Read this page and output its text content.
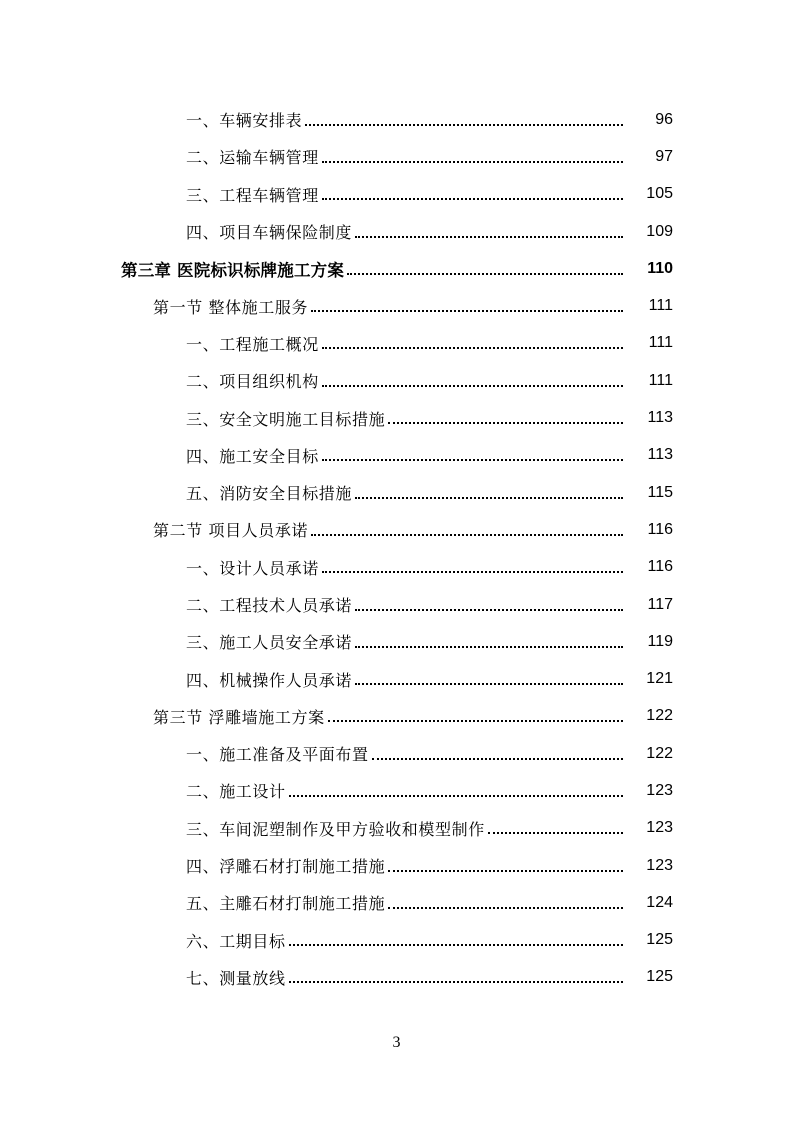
一、车辆安排表	96
二、运输车辆管理	97
三、工程车辆管理	105
四、项目车辆保险制度	109
第三章 医院标识标牌施工方案	110
第一节 整体施工服务	111
一、工程施工概况	111
二、项目组织机构	111
三、安全文明施工目标措施	113
四、施工安全目标	113
五、消防安全目标措施	115
第二节 项目人员承诺	116
一、设计人员承诺	116
二、工程技术人员承诺	117
三、施工人员安全承诺	119
四、机械操作人员承诺	121
第三节 浮雕墙施工方案	122
一、施工准备及平面布置	122
二、施工设计	123
三、车间泥塑制作及甲方验收和模型制作	123
四、浮雕石材打制施工措施	123
五、主雕石材打制施工措施	124
六、工期目标	125
七、测量放线	125
3
